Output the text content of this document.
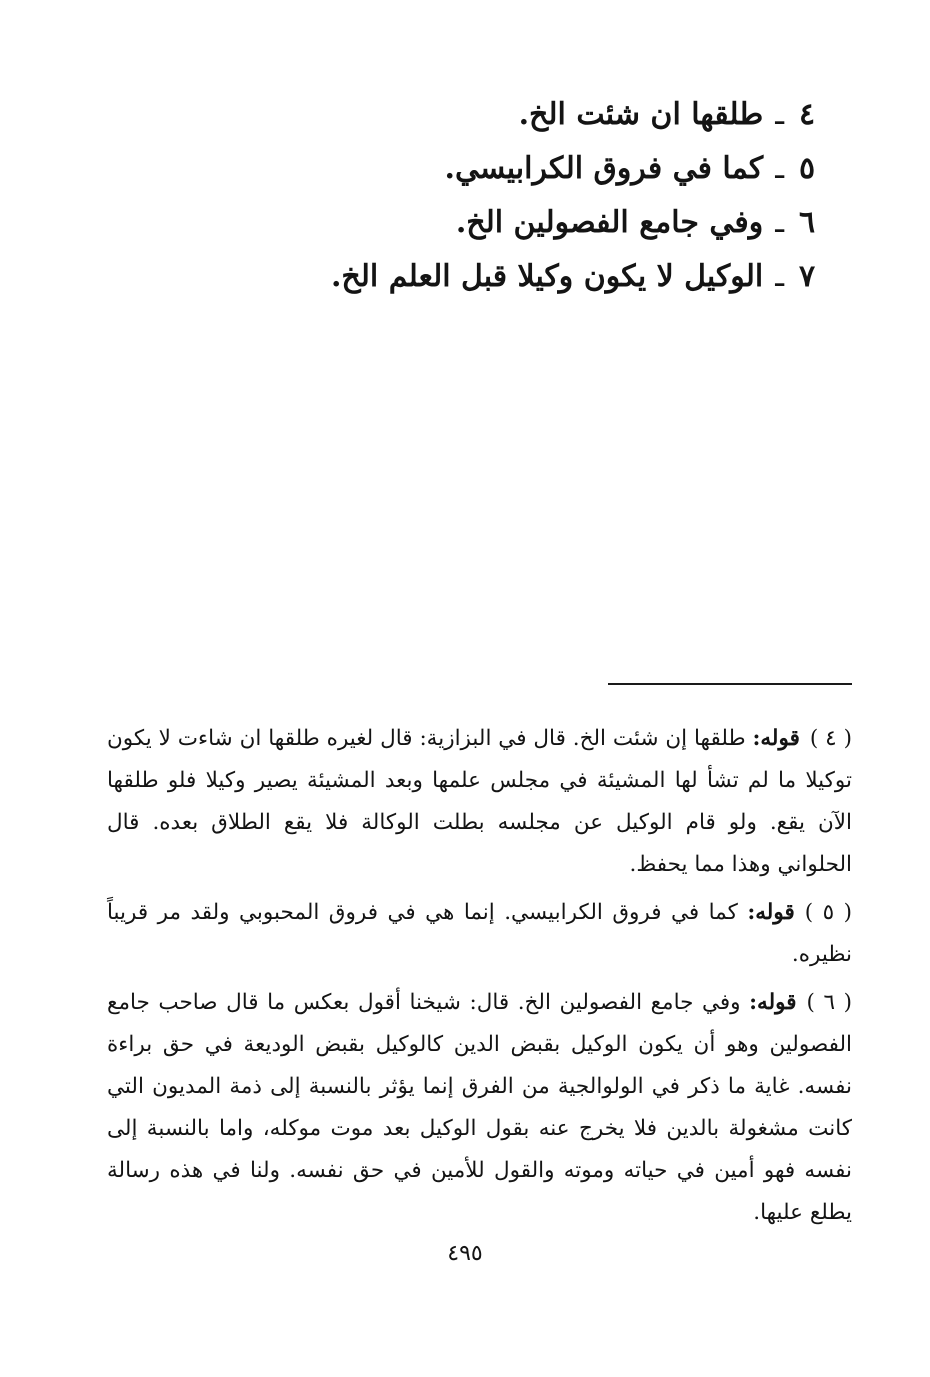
٤ـطلقها ان شئت الخ.
٥ـكما في فروق الكرابيسي.
٦ـوفي جامع الفصولين الخ.
٧ـالوكيل لا يكون وكيلا قبل العلم الخ.

( ٤ )قوله: طلقها إن شئت الخ. قال في البزازية: قال لغيره طلقها ان شاءت لا يكون توكيلا ما لم تشأ لها المشيئة في مجلس علمها وبعد المشيئة يصير وكيلا فلو طلقها الآن يقع. ولو قام الوكيل عن مجلسه بطلت الوكالة فلا يقع الطلاق بعده. قال الحلواني وهذا مما يحفظ.

( ٥ )قوله: كما في فروق الكرابيسي. إنما هي في فروق المحبوبي ولقد مر قريباً نظيره.

( ٦ )قوله: وفي جامع الفصولين الخ. قال: شيخنا أقول بعكس ما قال صاحب جامع الفصولين وهو أن يكون الوكيل بقبض الدين كالوكيل بقبض الوديعة في حق براءة نفسه. غاية ما ذكر في الولوالجية من الفرق إنما يؤثر بالنسبة إلى ذمة المديون التي كانت مشغولة بالدين فلا يخرج عنه بقول الوكيل بعد موت موكله، واما بالنسبة إلى نفسه فهو أمين في حياته وموته والقول للأمين في حق نفسه. ولنا في هذه رسالة يطلع عليها.

٤٩٥
